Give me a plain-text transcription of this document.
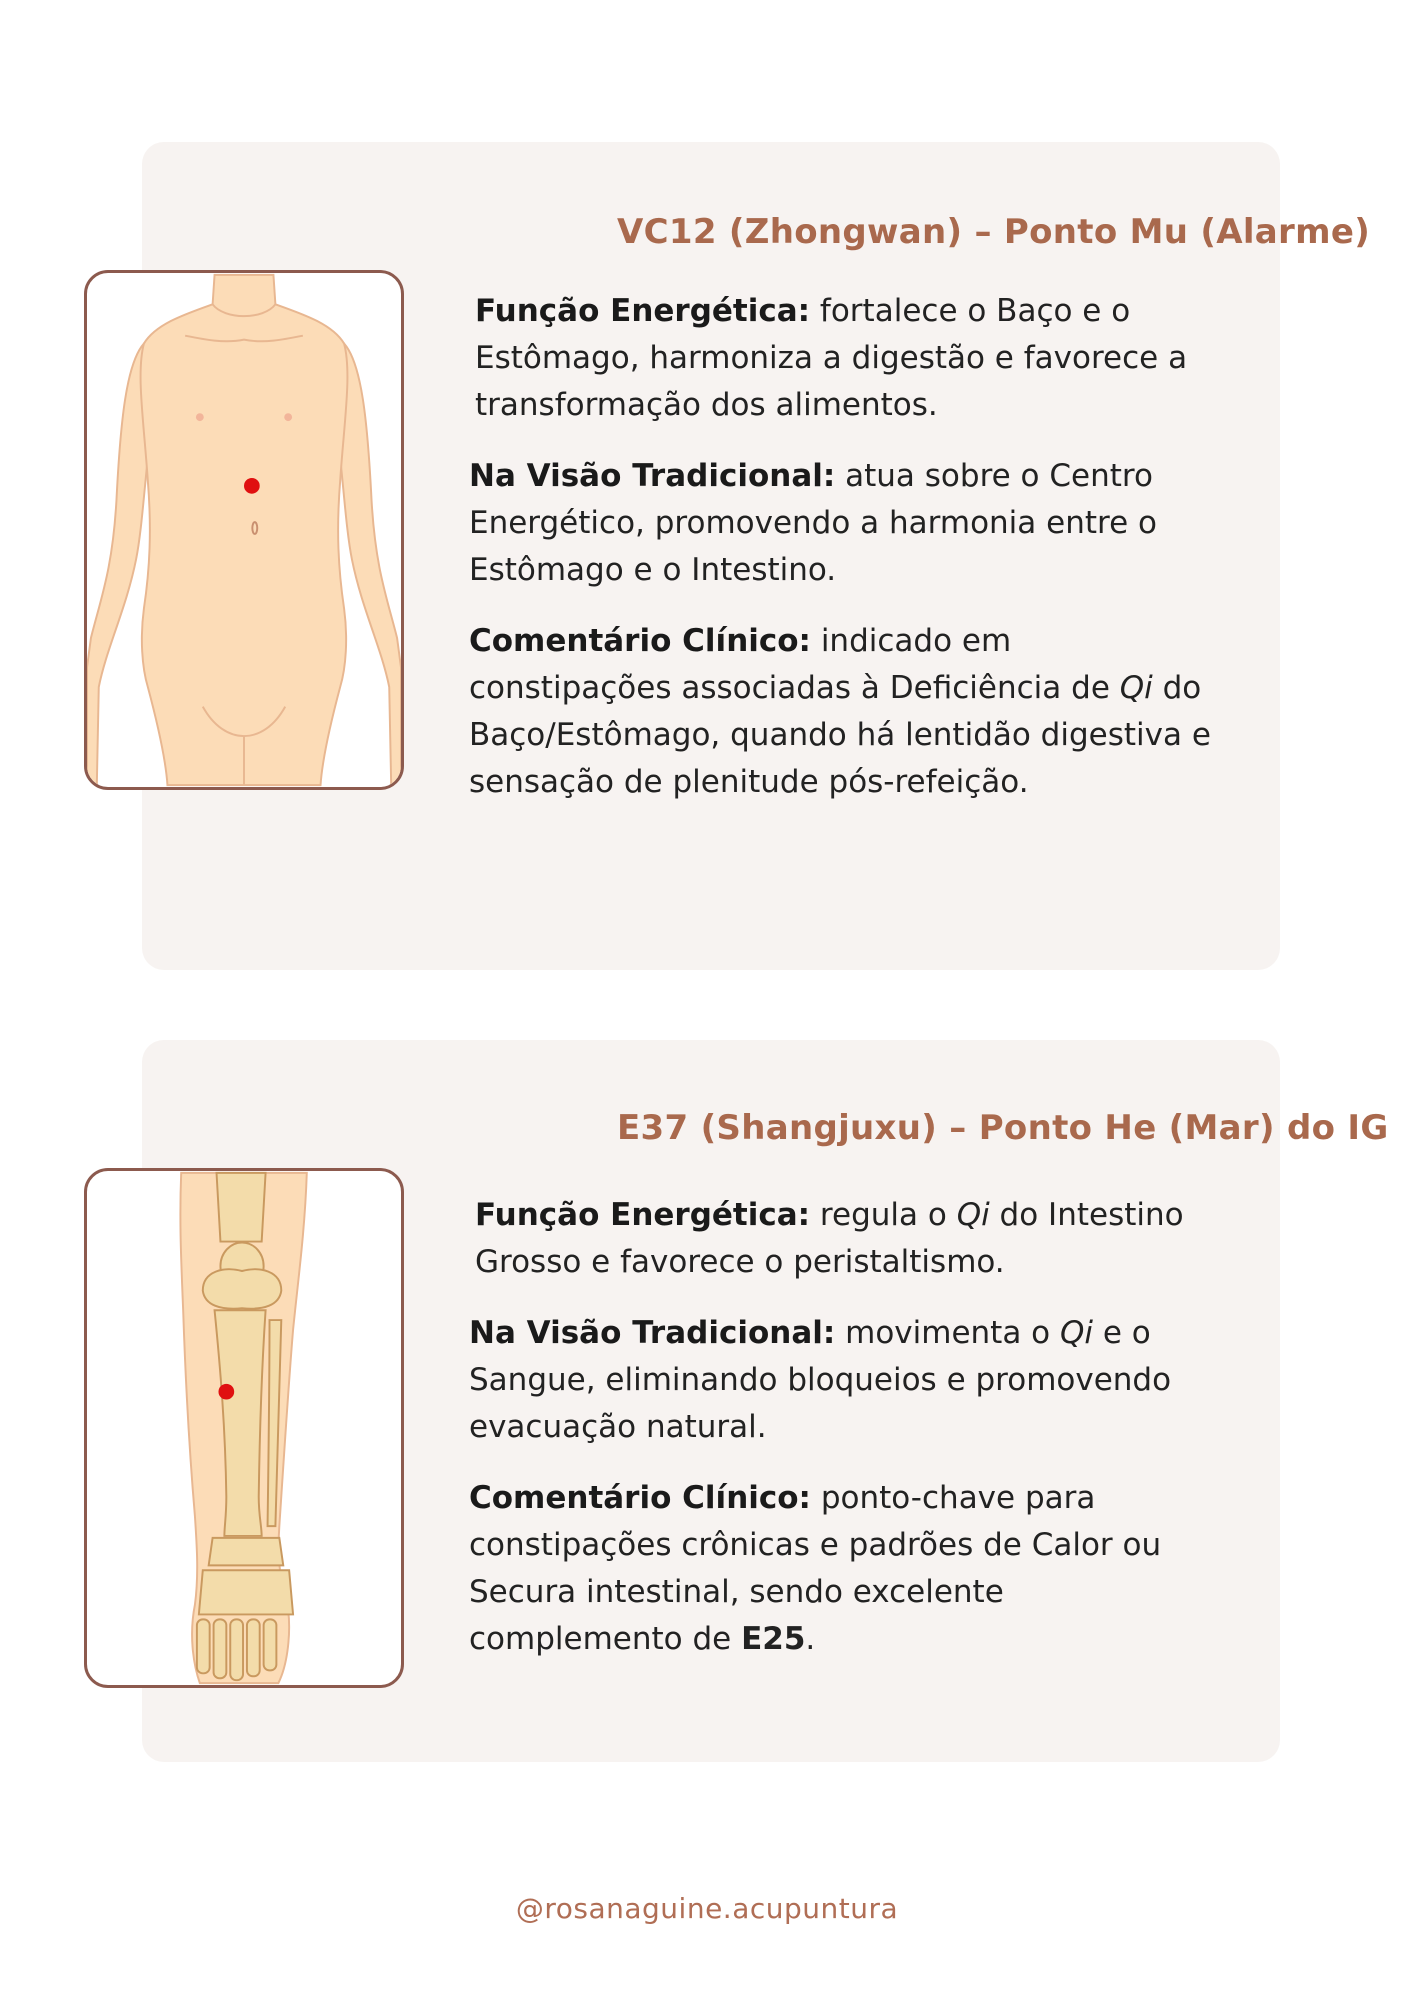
VC12 (Zhongwan) – Ponto Mu (Alarme)

Função Energética: fortalece o Baço e o Estômago, harmoniza a digestão e favorece a transformação dos alimentos.

Na Visão Tradicional: atua sobre o Centro Energético, promovendo a harmonia entre o Estômago e o Intestino.

Comentário Clínico: indicado em constipações associadas à Deficiência de Qi do Baço/Estômago, quando há lentidão digestiva e sensação de plenitude pós-refeição.

E37 (Shangjuxu) – Ponto He (Mar) do IG

Função Energética: regula o Qi do Intestino Grosso e favorece o peristaltismo.

Na Visão Tradicional: movimenta o Qi e o Sangue, eliminando bloqueios e promovendo evacuação natural.

Comentário Clínico: ponto-chave para constipações crônicas e padrões de Calor ou Secura intestinal, sendo excelente complemento de E25.

@rosanaguine.acupuntura
